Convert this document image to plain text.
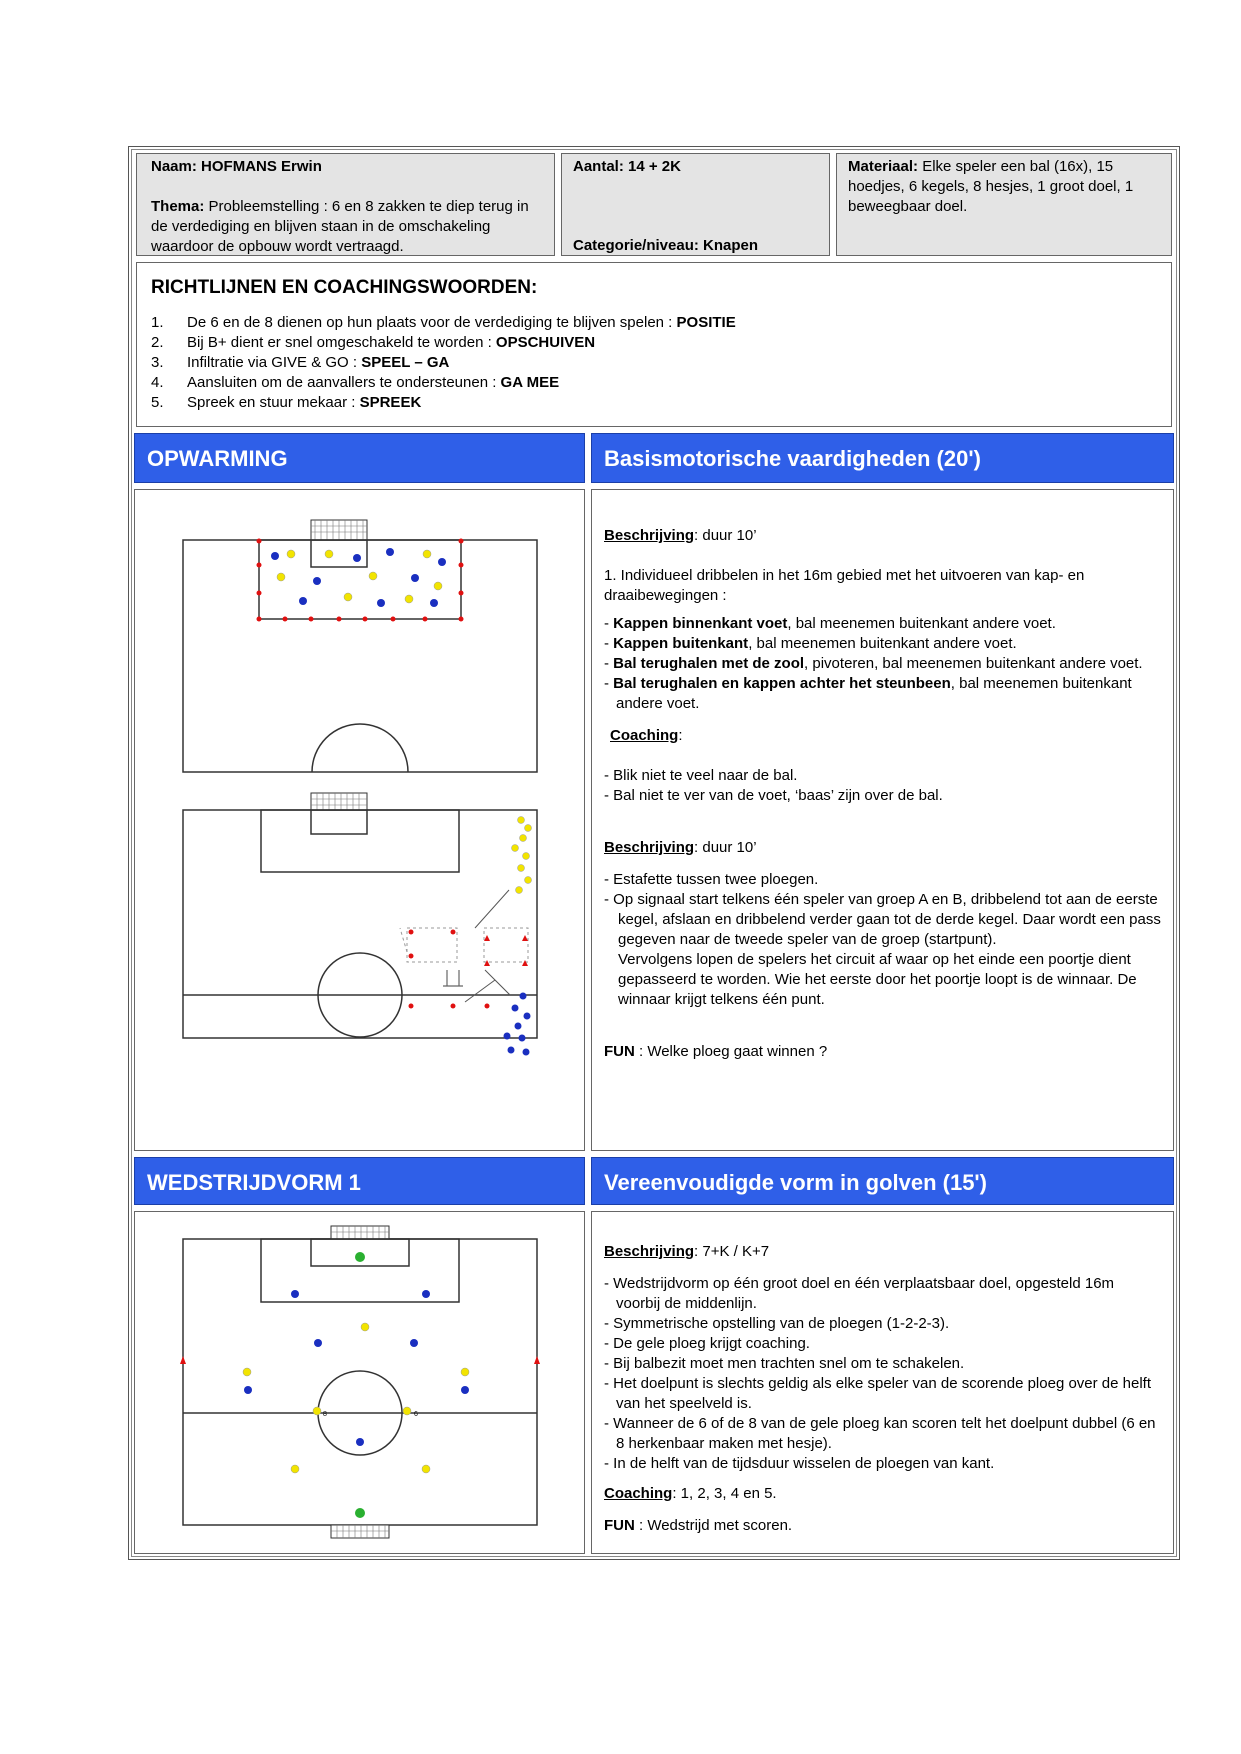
Naam: HOFMANS Erwin
Thema: Probleemstelling : 6 en 8 zakken te diep terug in de verdediging en blijven staan in de omschakeling waardoor de opbouw wordt vertraagd.
Aantal: 14 + 2K
Categorie/niveau: Knapen
Materiaal: Elke speler een bal (16x), 15 hoedjes, 6 kegels, 8 hesjes, 1 groot doel, 1 beweegbaar doel.
RICHTLIJNEN EN COACHINGSWOORDEN:
1.	De 6 en de 8 dienen op hun plaats voor de verdediging te blijven spelen : POSITIE
2.	Bij B+ dient er snel omgeschakeld te worden : OPSCHUIVEN
3.	Infiltratie via GIVE & GO : SPEEL – GA
4.	Aansluiten om de aanvallers te ondersteunen : GA MEE
5.	Spreek en stuur mekaar : SPREEK
OPWARMING	Basismotorische vaardigheden (20')

Beschrijving: duur 10’

1. Individueel dribbelen in het 16m gebied met het uitvoeren van kap- en draaibewegingen :

- Kappen binnenkant voet, bal meenemen buitenkant andere voet.

- Kappen buitenkant, bal meenemen buitenkant andere voet.

- Bal terughalen met de zool, pivoteren, bal meenemen buitenkant andere voet.

- Bal terughalen en kappen achter het steunbeen, bal meenemen buitenkant andere voet.

Coaching:

- Blik niet te veel naar de bal.

- Bal niet te ver van de voet, ‘baas’ zijn over de bal.

Beschrijving: duur 10’

- Estafette tussen twee ploegen.

- Op signaal start telkens één speler van groep A en B, dribbelend tot aan de eerste kegel, afslaan en dribbelend verder gaan tot de derde kegel. Daar wordt een pass gegeven naar de tweede speler van de groep (startpunt).

Vervolgens lopen de spelers het circuit af waar op het einde een poortje dient gepasseerd te worden. Wie het eerste door het poortje loopt is de winnaar. De winnaar krijgt telkens één punt.

FUN : Welke ploeg gaat winnen ?

WEDSTRIJDVORM 1	Vereenvoudigde vorm in golven (15')
8	6

Beschrijving: 7+K / K+7

- Wedstrijdvorm op één groot doel en één verplaatsbaar doel, opgesteld 16m voorbij de middenlijn.

- Symmetrische opstelling van de ploegen (1-2-2-3).

- De gele ploeg krijgt coaching.

- Bij balbezit moet men trachten snel om te schakelen.

- Het doelpunt is slechts geldig als elke speler van de scorende ploeg over de helft van het speelveld is.

- Wanneer de 6 of de 8 van de gele ploeg kan scoren telt het doelpunt dubbel (6 en 8 herkenbaar maken met hesje).

- In de helft van de tijdsduur wisselen de ploegen van kant.

Coaching: 1, 2, 3, 4 en 5.

FUN : Wedstrijd met scoren.
